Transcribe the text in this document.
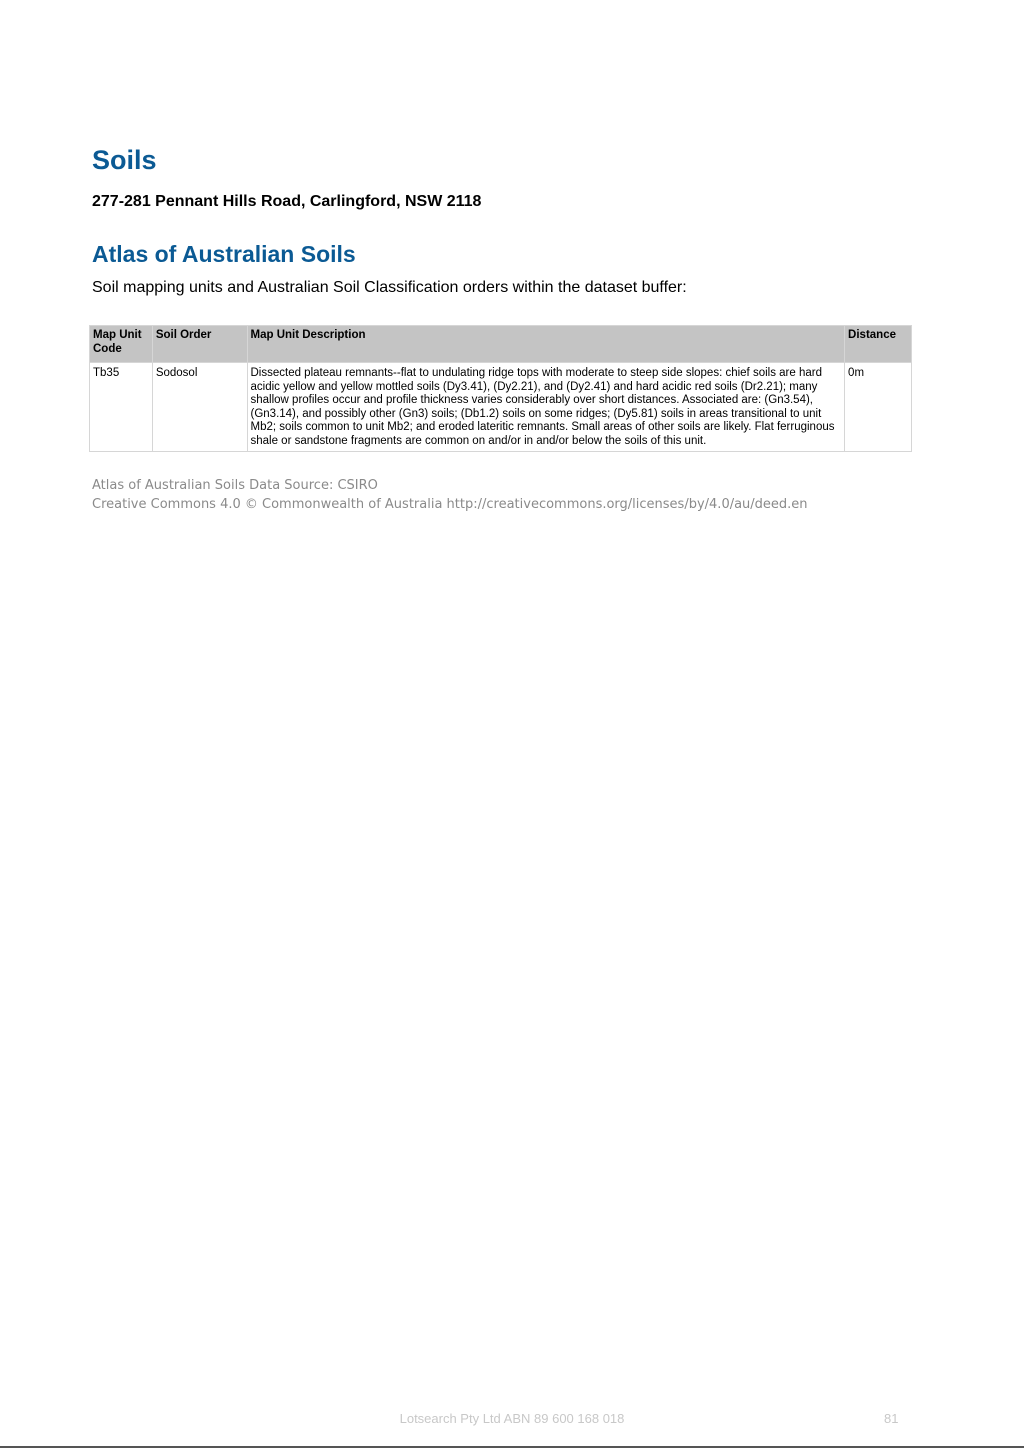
Soils
277-281 Pennant Hills Road, Carlingford, NSW 2118
Atlas of Australian Soils

Soil mapping units and Australian Soil Classification orders within the dataset buffer:

Map Unit Code	Soil Order	Map Unit Description	Distance
Tb35	Sodosol	Dissected plateau remnants--flat to undulating ridge tops with moderate to steep side slopes: chief soils are hard acidic yellow and yellow mottled soils (Dy3.41), (Dy2.21), and (Dy2.41) and hard acidic red soils (Dr2.21); many shallow profiles occur and profile thickness varies considerably over short distances. Associated are: (Gn3.54), (Gn3.14), and possibly other (Gn3) soils; (Db1.2) soils on some ridges; (Dy5.81) soils in areas transitional to unit Mb2; soils common to unit Mb2; and eroded lateritic remnants. Small areas of other soils are likely. Flat ferruginous shale or sandstone fragments are common on and/or in and/or below the soils of this unit.	0m
Atlas of Australian Soils Data Source: CSIRO
Creative Commons 4.0 © Commonwealth of Australia http://creativecommons.org/licenses/by/4.0/au/deed.en
Lotsearch Pty Ltd ABN 89 600 168 018	81
